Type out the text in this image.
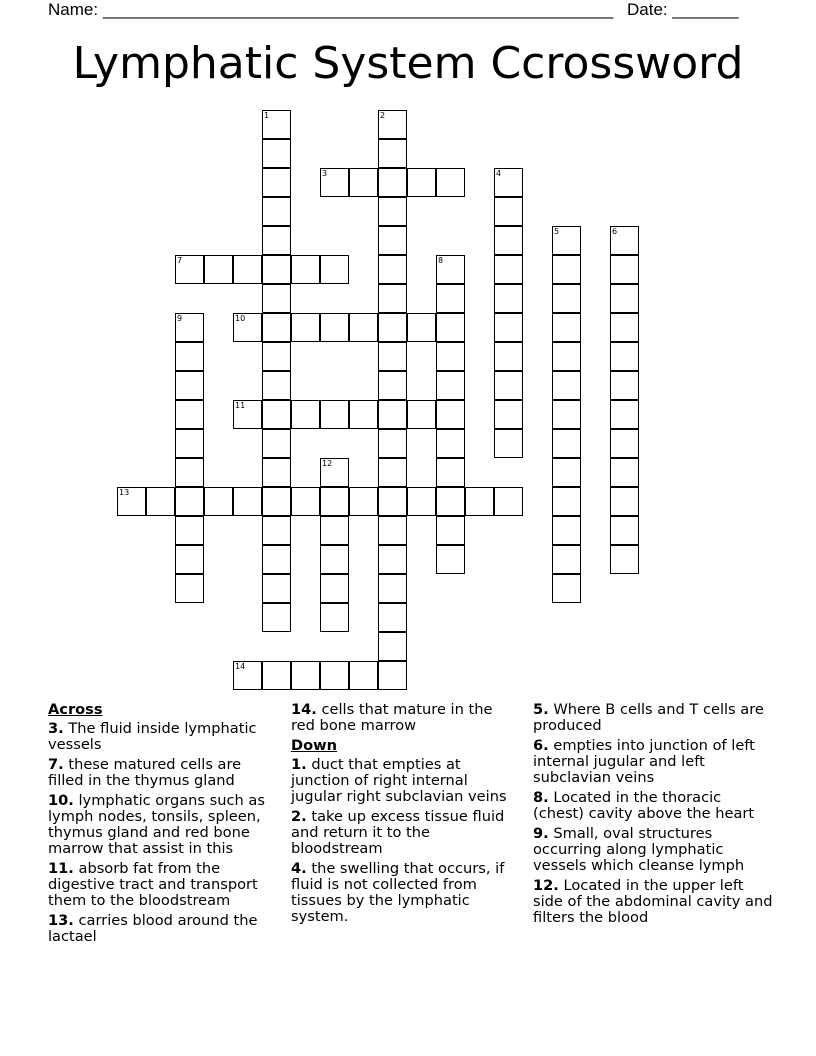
Name: ______________________________________________________ Date: _______
Lymphatic System Ccrossword
3
7
10
11
13
14
1	2
4
5	6
8
9
12
Across
3. The fluid inside lymphatic vessels
7. these matured cells are filled in the thymus gland
10. lymphatic organs such as lymph nodes, tonsils, spleen, thymus gland and red bone marrow that assist in this
11. absorb fat from the digestive tract and transport them to the bloodstream
13. carries blood around the lactael
14. cells that mature in the red bone marrow
Down
1. duct that empties at junction of right internal jugular right subclavian veins
2. take up excess tissue fluid and return it to the bloodstream
4. the swelling that occurs, if fluid is not collected from tissues by the lymphatic system.
5. Where B cells and T cells are produced
6. empties into junction of left internal jugular and left subclavian veins
8. Located in the thoracic (chest) cavity above the heart
9. Small, oval structures occurring along lymphatic vessels which cleanse lymph
12. Located in the upper left side of the abdominal cavity and filters the blood
